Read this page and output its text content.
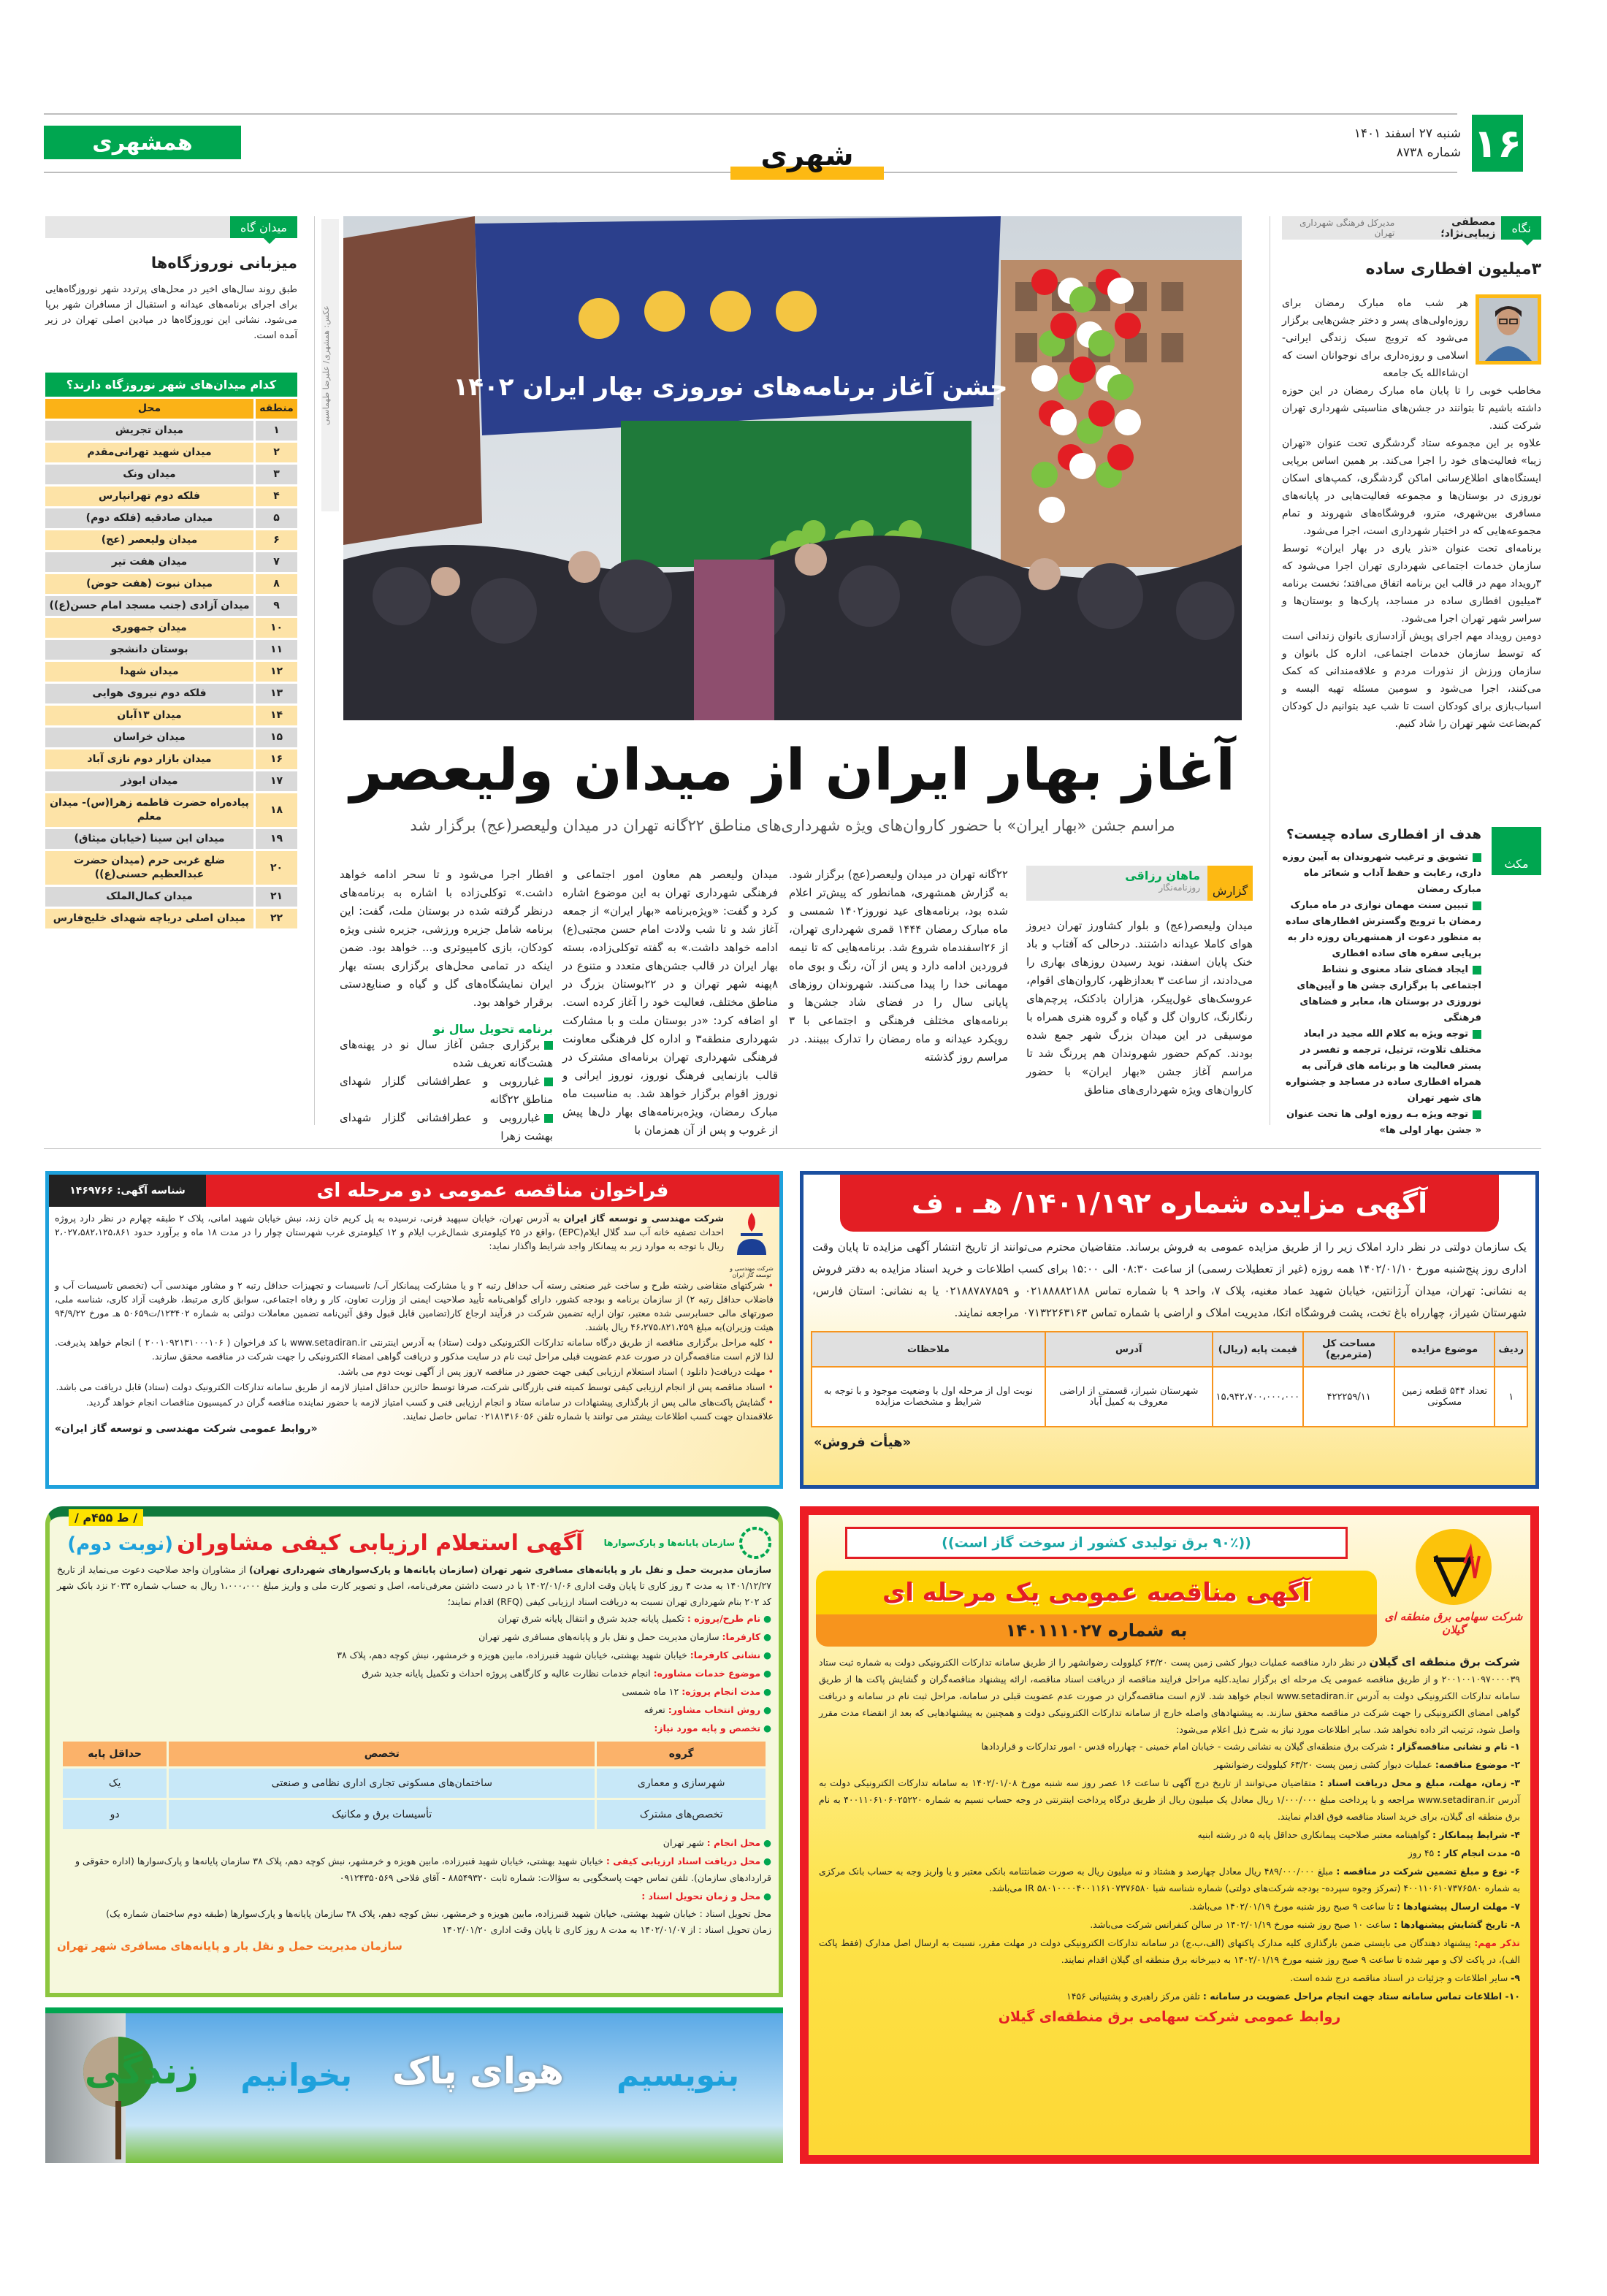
۱۶
شنبه ۲۷ اسفند ۱۴۰۱
شماره ۸۷۳۸
همشهری	شهری
نگاه
مصطفی زیبایی‌نژاد؛
مدیرکل فرهنگی شهرداری تهران
۳میلیون افطاری ساده
هر شب ماه مبارک رمضان برای روزه‌اولی‌های پسر و دختر جشن‌هایی برگزار می‌شود که ترویج سبک زندگی ایرانی-اسلامی و روزه‌داری برای نوجوانان است که ان‌شاءالله یک جامعه

مخاطب خوبی را تا پایان ماه مبارک رمضان در این حوزه داشته باشیم تا بتوانند در جشن‌های مناسبتی شهرداری تهران شرکت کنند.

علاوه بر این مجموعه ستاد گردشگری تحت عنوان «تهران زیبا» فعالیت‌های خود را اجرا می‌کند. بر همین اساس برپایی ایستگاه‌های اطلاع‌رسانی اماکن گردشگری، کمپ‌های اسکان نوروزی در بوستان‌ها و مجموعه فعالیت‌هایی در پایانه‌های مسافری بین‌شهری، مترو، فروشگاه‌های شهروند و تمام مجموعه‌هایی که در اختیار شهرداری است، اجرا می‌شود.

برنامه‌ای تحت عنوان «نذر یاری در بهار ایران» توسط سازمان خدمات اجتماعی شهرداری تهران اجرا می‌شود که ۳رویداد مهم در قالب این برنامه اتفاق می‌افتد؛ نخست برنامه ۳میلیون افطاری ساده در مساجد، پارک‌ها و بوستان‌ها و سراسر شهر تهران اجرا می‌شود.

دومین رویداد مهم اجرای پویش آزادسازی بانوان زندانی است که توسط سازمان خدمات اجتماعی، اداره کل بانوان و سازمان ورزش از نذورات مردم و علاقه‌مندانی که کمک می‌کنند، اجرا می‌شود و سومین مسئله تهیه البسه و اسباب‌بازی برای کودکان است تا شب عید بتوانیم دل کودکان کم‌بضاعت شهر تهران را شاد کنیم.

مکث
هدف از افطاری ساده چیست؟
تشویق و ترغیب شهروندان به آیین روزه داری، رعایت و حفظ آداب و شعائر ماه مبارک رمضان
تبیین سنت مهمان نوازی در ماه مبارک رمضان با ترویج وگسترش افطارهای ساده به منظور دعوت از همشهریان روزه دار به برپایی سفره های ساده افطاری
ایجاد فضای شاد معنوی و نشاط اجتماعی با برگزاری جشن ها و آیین‌های نوروزی در بوستان ها، معابر و فضاهای فرهنگی
توجه ویژه به کلام الله مجید در ابعاد مختلف تلاوت، ترتیل، ترجمه و تفسر در بستر فعالیت ها و برنامه های قرآنی به همراه افطاری ساده در مساجد و جشنواره های شهر تهران
توجه ویژه بـه روزه اولی ها تحت عنوان « جشن بهار اولی ها»
جشن آغاز برنامه‌های نوروزی بهار ایران ۱۴۰۲
عکس: همشهری/ علیرضا طهماسبی
آغاز بهار ایران از میدان ولیعصر
مراسم جشن «بهار ایران» با حضور کاروان‌های ویژه شهرداری‌های مناطق ۲۲گانه تهران در میدان ولیعصر(عج) برگزار شد
گزارش
ماهان رزاقی
روزنامه‌نگار
میدان ولیعصر(عج) و بلوار کشاورز تهران دیروز هوای کاملا عیدانه داشتند. درحالی که آفتاب و باد خنک پایان اسفند، نوید رسیدن روزهای بهاری را می‌دادند، از ساعت ۳ بعدازظهر، کاروان‌های اقوام، عروسک‌های غول‌پیکر، هزاران بادکنک، پرچم‌های رنگارنگ، کاروان گل و گیاه و گروه هنری همراه با موسیقی در این میدان بزرگ شهر جمع شده بودند. کم‌کم حضور شهروندان هم پررنگ شد تا مراسم آغاز جشن «بهار ایران» با حضور کاروان‌های ویژه شهرداری‌های مناطق
۲۲گانه تهران در میدان ولیعصر(عج) برگزار شود. به گزارش همشهری، همانطور که پیش‌تر اعلام شده بود، برنامه‌های عید نوروز۱۴۰۲ شمسی و ماه مبارک رمضان ۱۴۴۴ قمری شهرداری تهران، از ۲۶اسفندماه شروع شد. برنامه‌هایی که تا نیمه فروردین ادامه دارد و پس از آن، رنگ و بوی ماه مهمانی خدا را پیدا می‌کنند. شهروندان روزهای پایانی سال را در فضای شاد جشن‌ها و برنامه‌های مختلف فرهنگی و اجتماعی با ۳ رویکرد عیدانه و ماه رمضان را تدارک ببینند. در مراسم روز گذشته
میدان ولیعصر هم معاون امور اجتماعی و فرهنگی شهرداری تهران به این موضوع اشاره کرد و گفت: «ویژه‌برنامه «بهار ایران» از جمعه آغاز شد و تا شب ولادت امام حسن مجتبی(ع) ادامه خواهد داشت.» به گفته توکلی‌زاده، بسته بهار ایران در قالب جشن‌های متعدد و متنوع در ۸پهنه شهر تهران و در ۲۲بوستان بزرگ در مناطق مختلف، فعالیت خود را آغاز کرده است. او اضافه کرد: «در بوستان ملت و با مشارکت شهرداری منطقه۳ و اداره کل فرهنگی معاونت فرهنگی شهرداری تهران برنامه‌ای مشترک در قالب بازنمایی فرهنگ نوروز، نوروز ایرانی و نوروز اقوام برگزار خواهد شد. به مناسبت ماه مبارک رمضان، ویژه‌برنامه‌های بهار دل‌ها پیش از غروب و پس از آن همزمان با
افطار اجرا می‌شود و تا سحر ادامه خواهد داشت.» توکلی‌زاده با اشاره به برنامه‌های درنظر گرفته شده در بوستان ملت، گفت: این برنامه شامل جزیره ورزشی، جزیره شنی ویژه کودکان، بازی کامپیوتری و... خواهد بود. ضمن اینکه در تمامی محل‌های برگزاری بسته بهار ایران نمایشگاه‌های گل و گیاه و صنایع‌دستی برقرار خواهد بود.
برنامه تحویل سال نو
برگزاری جشن آغاز سال نو در پهنه‌های هشت‌گانه تعریف شده
غبارروبی و عطرافشانی گلزار شهدای مناطق ۲۲گانه
غبارروبی و عطرافشانی گلزار شهدای بهشت زهرا
میدان گاه
میزبانی نوروزگاه‌ها
طبق روند سال‌های اخیر در محل‌های پرتردد شهر نوروزگاه‌هایی برای اجرای برنامه‌های عیدانه و استقبال از مسافران شهر برپا می‌شود. نشانی این نوروزگاه‌ها در میادین اصلی تهران در زیر آمده است.
کدام میدان‌های شهر نوروزگاه دارند؟
منطقه	محل
۱	میدان تجریش
۲	میدان شهید تهرانی‌مقدم
۳	میدان ونک
۴	فلکه دوم تهرانپارس
۵	میدان صادقیه (فلکه دوم)
۶	میدان ولیعصر (عج)
۷	میدان هفت تیر
۸	میدان نبوت (هفت حوض)
۹	میدان آزادی (جنب مسجد امام حسن(ع))
۱۰	میدان جمهوری
۱۱	بوستان دانشجو
۱۲	میدان شهدا
۱۳	فلکه دوم نیروی هوایی
۱۴	میدان ۱۳آبان
۱۵	میدان خراسان
۱۶	میدان بازار دوم نازی آباد
۱۷	میدان ابوذر
۱۸	پیاده‌راه حضرت فاطمه زهرا(س)- میدان معلم
۱۹	میدان ابن سینا (خیابان میثاق)
۲۰	ضلع غربی حرم (میدان حضرت عبدالعظیم حسنی(ع))
۲۱	میدان کمال‌الملک
۲۲	میدان اصلی دریاچه شهدای خلیج‌فارس
فراخوان مناقصه عمومی دو مرحله ای
شناسه آگهی: ۱۴۶۹۷۶۶
شرکت مهندسی و توسعه گاز ایران

شرکت مهندسی و توسعه گاز ایران به آدرس تهران، خیابان سپهبد قرنی، نرسیده به پل کریم خان زند، نبش خیابان شهید امانی، پلاک ۲ طبقه چهارم در نظر دارد پروژه احداث تصفیه خانه آب سد گلال ایلام(EPC) ،واقع در ۲۵ کیلومتری شمال‌غرب ایلام و ۱۲ کیلومتری غرب شهرستان چوار را در مدت ۱۸ ماه و برآورد حدود ۲،۰۲۷،۵۸۲،۱۲۵،۸۶۱ ریال با توجه به موارد زیر به پیمانکار واجد شرایط واگذار نماید:

• شرکتهای متقاضی رشته طرح و ساخت غیر صنعتی رسته آب حداقل رتبه ۲ و یا مشارکت پیمانکار آب/ تاسیسات و تجهیزات حداقل رتبه ۲ و مشاور مهندسی آب (تخصص تاسیسات آب و فاضلاب حداقل رتبه ۲) از سازمان برنامه و بودجه کشور، دارای گواهی‌نامه تأیید صلاحیت ایمنی از وزارت تعاون، کار و رفاه اجتماعی، سوابق کاری مرتبط، ظرفیت آزاد کاری، شناسه ملی، صورتهای مالی حسابرسی شده معتبر، توان ارایه تضمین شرکت در فرآیند ارجاع کار(تضامین قابل قبول وفق آئین‌نامه تضمین معاملات دولتی به شماره ۱۲۳۴۰۲/ت۵۰۶۵۹ هـ مورخ ۹۴/۹/۲۲ هیئت وزیران)به مبلغ ۴۶،۲۷۵،۸۲۱،۲۵۹ ریال باشند.

• کلیه مراحل برگزاری مناقصه از طریق درگاه سامانه تدارکات الکترونیکی دولت (ستاد) به آدرس اینترنتی www.setadiran.ir با کد فراخوان ( ۲۰۰۱۰۹۲۱۳۱۰۰۰۱۰۶ ) انجام خواهد پذیرفت. لذا لازم است مناقصه‌گران در صورت عدم عضویت قبلی مراحل ثبت نام در سایت مذکور و دریافت گواهی امضاء الکترونیکی را جهت شرکت در مناقصه محقق سازند.

• مهلت دریافت( دانلود ) اسناد استعلام ارزیابی کیفی جهت حضور در مناقصه ۷روز پس از آگهی نوبت دوم می باشد.

• اسناد مناقصه پس از انجام ارزیابی کیفی توسط کمیته فنی بازرگانی شرکت، صرفا توسط حائزین حداقل امتیاز لازمه از طریق سامانه تدارکات الکترونیک دولت (ستاد) قابل دریافت می باشد.

• گشایش پاکت‌های مالی پس از بارگذاری پیشنهادات در سامانه ستاد و انجام ارزیابی فنی و کسب امتیاز لازمه با حضور نماینده مناقصه گران در کمیسیون مناقصات انجام خواهد گردید.

علاقمندان جهت کسب اطلاعات بیشتر می توانند با شماره تلفن ۰۲۱۸۱۳۱۶۰۵۶ تماس حاصل نمایند.
«روابط عمومی شرکت مهندسی و توسعه گاز ایران»
آگهی مزایده شماره ۱۴۰۱/۱۹۲/ هـ . ف
یک سازمان دولتی در نظر دارد املاک زیر را از طریق مزایده عمومی به فروش برساند. متقاضیان محترم می‌توانند از تاریخ انتشار آگهی مزایده تا پایان وقت اداری روز پنج‌شنبه مورخ ۱۴۰۲/۰۱/۱۰ همه روزه (غیر از تعطیلات رسمی) از ساعت ۰۸:۳۰ الی ۱۵:۰۰ برای کسب اطلاعات و خرید اسناد مزایده به دفتر فروش به نشانی: تهران، میدان آرژانتین، خیابان شهید عماد مغنیه، پلاک ۷، واحد ۹ با شماره تماس ۰۲۱۸۸۸۸۲۱۸۸ و ۰۲۱۸۸۷۸۷۸۵۹ یا به نشانی: استان فارس، شهرستان شیراز، چهارراه باغ تخت، پشت فروشگاه اتکا، مدیریت املاک و اراضی با شماره تماس ۰۷۱۳۲۲۶۳۱۶۳ مراجعه نمایند.
ردیف	موضوع مزایده	مساحت کل (مترمربع)	قیمت پایه (ریال)	آدرس	ملاحظات
۱	تعداد ۵۴۴ قطعه زمین مسکونی	۴۲۲۲۵۹/۱۱	۱۵،۹۴۲،۷۰۰،۰۰۰،۰۰۰	شهرستان شیراز، قسمتی از اراضی معروف به کمیل آباد	نوبت اول از مرحله اول با وضعیت موجود و با توجه به شرایط و مشخصات مزایده
«هیأت فروش»
/ ط ۴۵۵م /
سازمان پایانه‌ها و پارک‌سوارها
آگهی استعلام ارزیابی کیفی مشاوران (نوبت دوم)
سازمان مدیریت حمل و نقل بار و پایانه‌های مسافری شهر تهران (سازمان پایانه‌ها و پارک‌سوارهای شهرداری تهران) از مشاوران واجد صلاحیت دعوت می‌نماید از تاریخ ۱۴۰۱/۱۲/۲۷ به مدت ۴ روز کاری تا پایان وقت اداری ۱۴۰۲/۰۱/۰۶ با در دست داشتن معرفی‌نامه، اصل و تصویر کارت ملی و واریز مبلغ ۱،۰۰۰،۰۰۰ ریال به حساب شماره ۲۰۳۳ نزد بانک شهر کد ۲۰۲ بنام شهرداری تهران نسبت به دریافت اسناد ارزیابی کیفی (RFQ) اقدام نمایند؛

● نام طرح/پروژه : تکمیل پایانه جدید شرق و انتقال پایانه شرق تهران

● کارفرما: سازمان مدیریت حمل و نقل بار و پایانه‌های مسافری شهر تهران

● نشانی کارفرما: خیابان شهید بهشتی، خیابان شهید قنبرزاده، مابین هویزه و خرمشهر، نبش کوچه دهم، پلاک ۳۸

● موضوع خدمات مشاوره: انجام خدمات نظارت عالیه و کارگاهی پروژه احداث و تکمیل پایانه جدید شرق

● مدت انجام پروژه: ۱۲ ماه شمسی

● روش انتخاب مشاور: تعرفه

● تخصص و پایه مورد نیاز:

گروه	تخصص	حداقل پایه
شهرسازی و معماری	ساختمان‌های مسکونی تجاری اداری نظامی و صنعتی	یک
تخصص‌های مشترک	تأسیسات برق و مکانیک	دو

● محل انجام : شهر تهران

● محل دریافت اسناد ارزیابی کیفی : خیابان شهید بهشتی، خیابان شهید قنبرزاده، مابین هویزه و خرمشهر، نبش کوچه دهم، پلاک ۳۸ سازمان پایانه‌ها و پارک‌سوارها (اداره حقوقی و قراردادهای سازمان). تلفن تماس جهت پاسخگویی به سؤالات: شماره ثابت ۸۸۵۴۹۳۲۰ - آقای فلاحی ۰۹۱۲۴۳۵۰۵۶۹

● محل و زمان تحویل اسناد :

محل تحویل اسناد : خیابان شهید بهشتی، خیابان شهید قنبرزاده، مابین هویزه و خرمشهر، نبش کوچه دهم، پلاک ۳۸ سازمان پایانه‌ها و پارک‌سوارها (طبقه دوم ساختمان شماره یک)
زمان تحویل اسناد : از ۱۴۰۲/۰۱/۰۷ به مدت ۸ روز کاری تا پایان وقت اداری ۱۴۰۲/۰۱/۲۰
سازمان مدیریت حمل و نقل بار و پایانه‌های مسافری شهر تهران
بنویسیم
هوای پاک
بخوانیم
زندگی
شرکت سهامی برق منطقه ای گیلان
((۹۰٪ برق تولیدی کشور از سوخت گاز است))
آگهی مناقصه عمومی یک مرحله ای
به شماره ۱۴۰۱۱۱۰۲۷
شرکت برق منطقه ای گیلان در نظر دارد مناقصه عملیات دیوار کشی زمین پست ۶۳/۲۰ کیلوولت رضوانشهر را از طریق سامانه تدارکات الکترونیکی دولت به شماره ثبت ستاد ۲۰۰۱۰۰۱۰۹۷۰۰۰۰۳۹ و از طریق مناقصه عمومی یک مرحله ای برگزار نماید.کلیه مراحل فرایند مناقصه از دریافت اسناد مناقصه، ارائه پیشنهاد مناقصه‌گران و گشایش پاکت ها از طریق سامانه تدارکات الکترونیکی دولت به آدرس www.setadiran.ir انجام خواهد شد. لازم است مناقصه‌گران در صورت عدم عضویت قبلی در سامانه، مراحل ثبت نام در سامانه و دریافت گواهی امضای الکترونیکی را جهت شرکت در مناقصه محقق سازند. به پیشنهادهای واصله خارج از سامانه تدارکات الکترونیکی دولت و همچنین به پیشنهادهایی که بعد از انقضاء مدت مقرر واصل شود، ترتیب اثر داده نخواهد شد. سایر اطلاعات مورد نیاز به شرح ذیل اعلام می‌شود:

۱- نام و نشانی مناقصه‌گزار : شرکت برق منطقه‌ای گیلان به نشانی رشت - خیابان امام خمینی - چهارراه قدس - امور تدارکات و قراردادها

۲- موضوع مناقصه: عملیات دیوار کشی زمین پست ۶۳/۲۰ کیلوولت رضوانشهر

۳- زمان، مهلت، مبلغ و محل دریافت اسناد : متقاضیان می‌توانند از تاریخ درج آگهی تا ساعت ۱۶ عصر روز سه شنبه مورخ ۱۴۰۲/۰۱/۰۸ به سامانه تدارکات الکترونیکی دولت به آدرس www.setadiran.ir مراجعه و با پرداخت مبلغ ۱/۰۰۰/۰۰۰ ریال معادل یک میلیون ریال از طریق درگاه پرداخت اینترنتی در وجه حساب نسیم به شماره ۴۰۰۱۱۰۶۱۰۶۰۲۵۲۲۰ به نام برق منطقه ای گیلان، برای خرید اسناد مناقصه فوق اقدام نمایند.

۴- شرایط پیمانکار : گواهینامه معتبر صلاحیت پیمانکاری حداقل پایه ۵ در رشته ابنیه

۵- مدت انجام کار : ۴۵ روز

۶- نوع و مبلغ تضمین شرکت در مناقصه : مبلغ ۴۸۹/۰۰۰/۰۰۰ ریال معادل چهارصد و هشتاد و نه میلیون ریال به صورت ضمانتنامه بانکی معتبر و یا واریز وجه به حساب بانک مرکزی به شماره ۴۰۰۱۱۰۶۱۰۷۳۷۶۵۸۰ (تمرکز وجوه سپرده- بودجه شرکت‌های دولتی) شماره شناسه شبا IR ۵۸۰۱۰۰۰۰۴۰۰۱۱۶۱۰۷۳۷۶۵۸۰ می‌باشد.

۷- مهلت ارسال پیشنهادها : تا ساعت ۹ صبح روز شنبه مورخ ۱۴۰۲/۰۱/۱۹ می‌باشد.

۸- تاریخ گشایش پیشنهادها : ساعت ۱۰ صبح روز شنبه مورخ ۱۴۰۲/۰۱/۱۹ در سالن کنفرانس شرکت می‌باشد.

تذکر مهم: پیشنهاد دهندگان می بایستی ضمن بارگذاری کلیه مدارک پاکتهای (الف،ب،ج) در سامانه تدارکات الکترونیکی دولت در مهلت مقرر، نسبت به ارسال اصل مدارک (فقط پاکت الف)، در پاکت لاک و مهر شده تا ساعت ۹ صبح روز شنبه مورخ ۱۴۰۲/۰۱/۱۹ به دبیرخانه برق منطقه ای گیلان اقدام نمایند.

۹- سایر اطلاعات و جزئیات در اسناد مناقصه درج شده است.

۱۰- اطلاعات تماس سامانه ستاد جهت انجام مراحل عضویت در سامانه : تلفن مرکز راهبری و پشتیبانی ۱۴۵۶

روابط عمومی شرکت سهامی برق منطقه‌ای گیلان
